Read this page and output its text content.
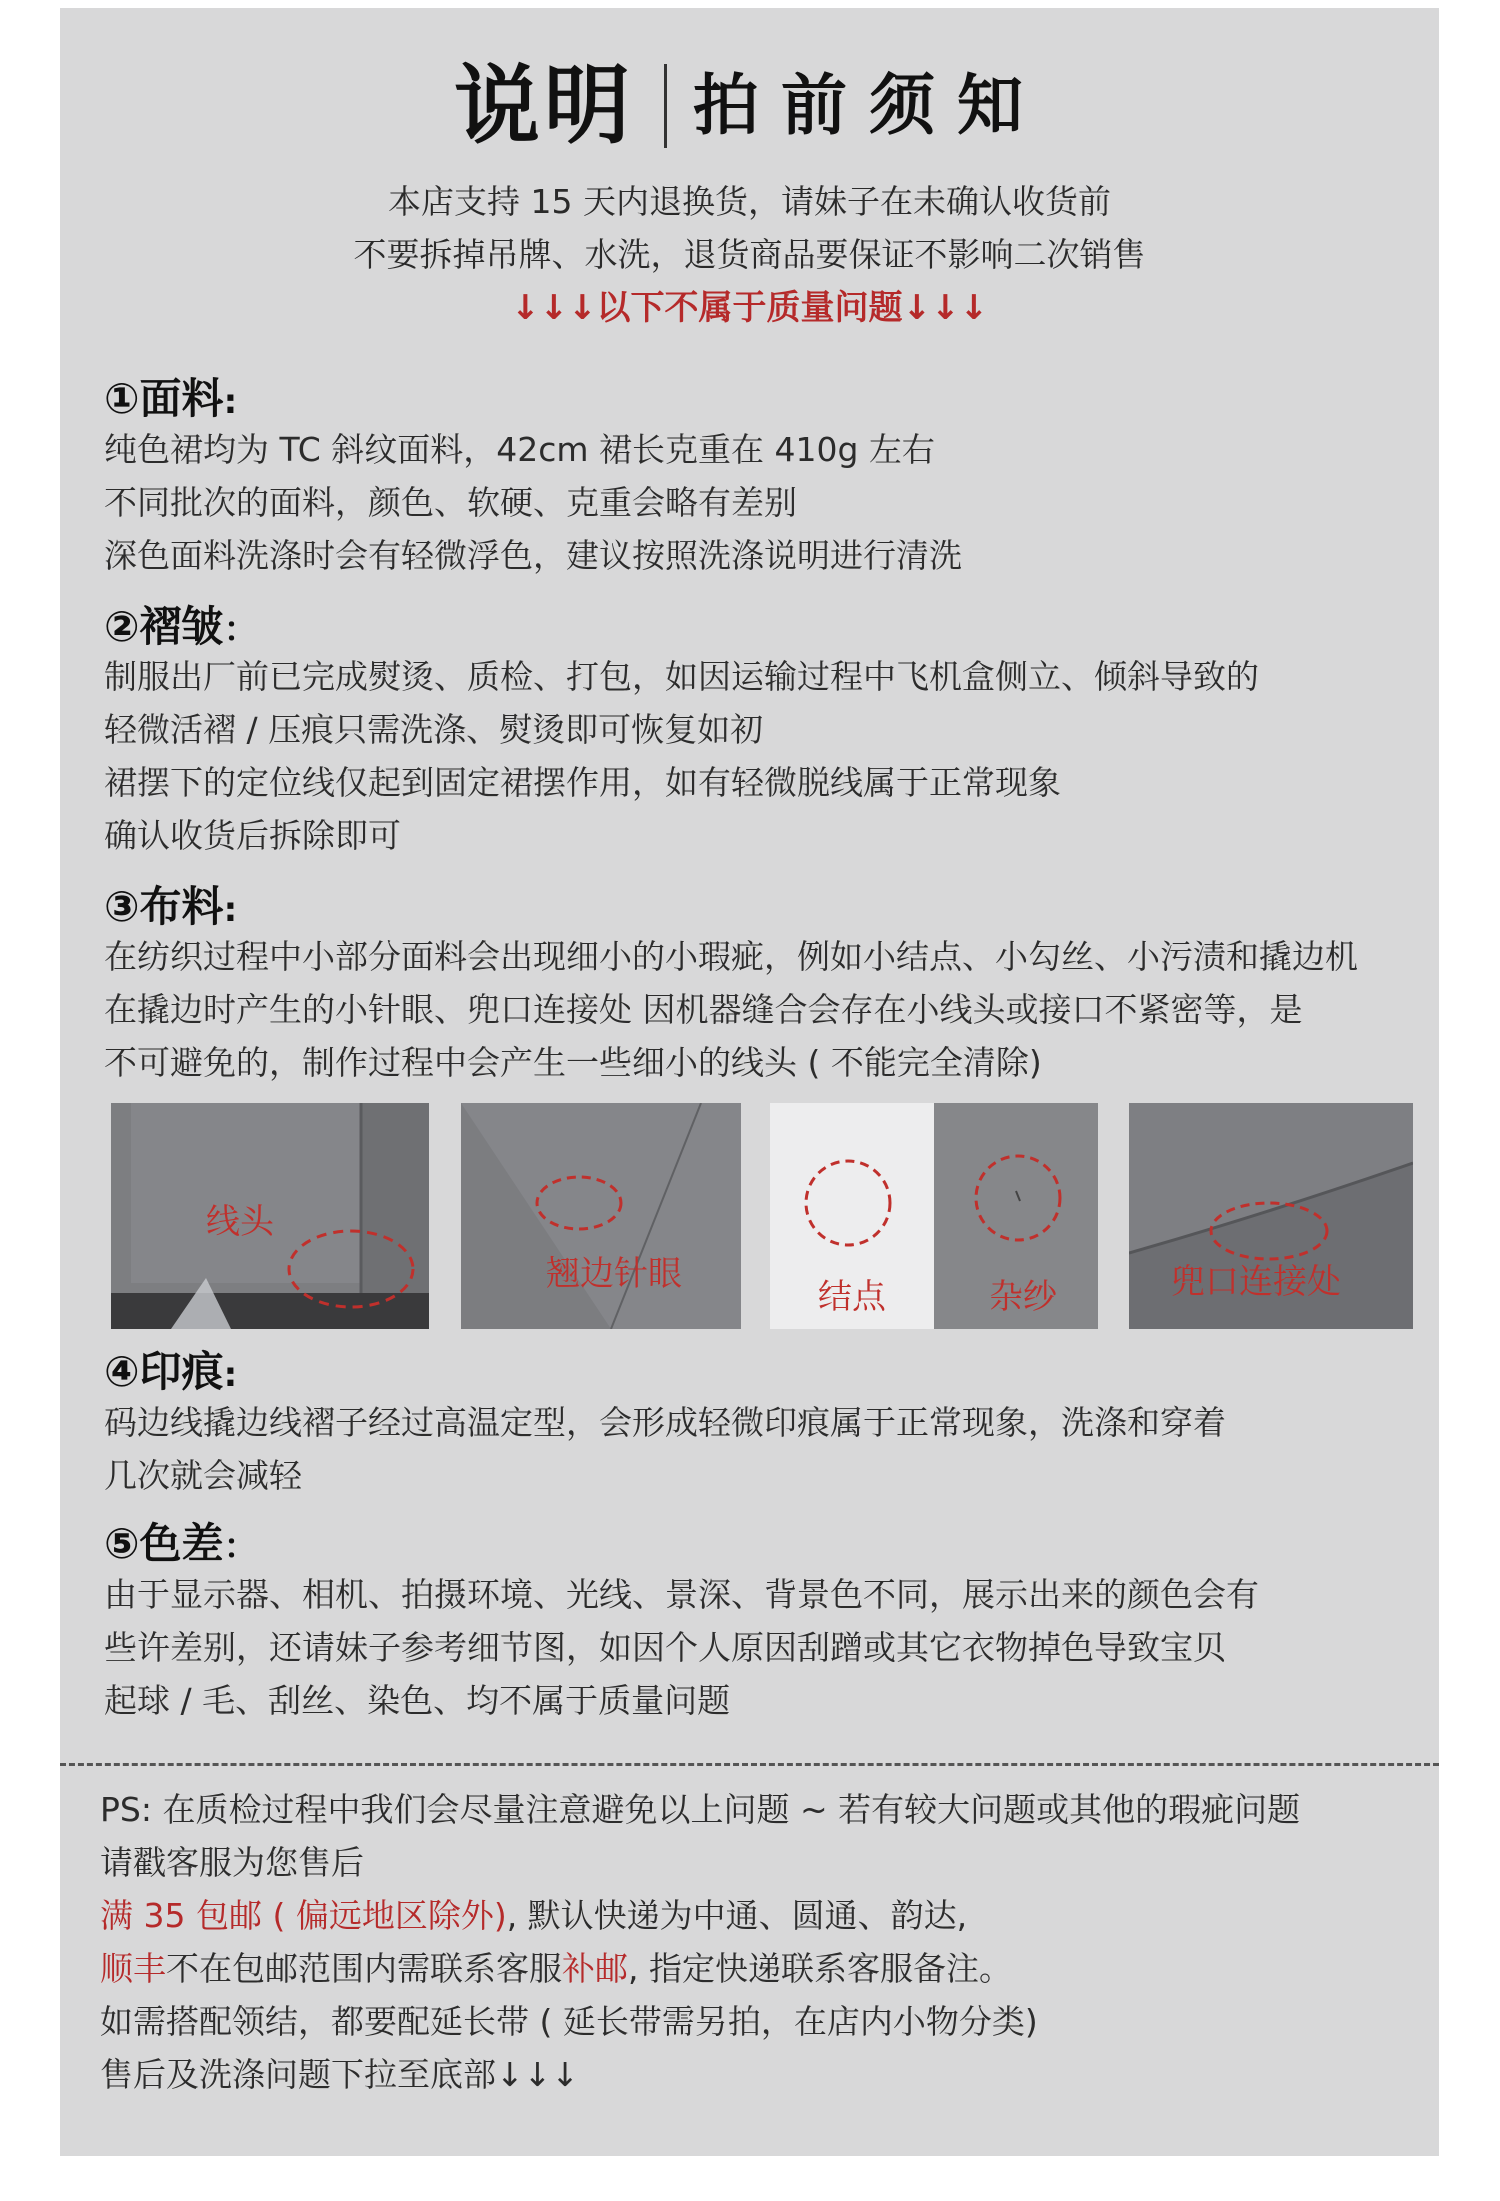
说明 拍前须知
本店支持 15 天内退换货，请妹子在未确认收货前
不要拆掉吊牌、水洗，退货商品要保证不影响二次销售
↓↓↓以下不属于质量问题↓↓↓
①面料:
纯色裙均为 TC 斜纹面料，42cm 裙长克重在 410g 左右
不同批次的面料，颜色、软硬、克重会略有差别
深色面料洗涤时会有轻微浮色，建议按照洗涤说明进行清洗
②褶皱：
制服出厂前已完成熨烫、质检、打包，如因运输过程中飞机盒侧立、倾斜导致的
轻微活褶 / 压痕只需洗涤、熨烫即可恢复如初
裙摆下的定位线仅起到固定裙摆作用，如有轻微脱线属于正常现象
确认收货后拆除即可
③布料:
在纺织过程中小部分面料会出现细小的小瑕疵，例如小结点、小勾丝、小污渍和撬边机
在撬边时产生的小针眼、兜口连接处 因机器缝合会存在小线头或接口不紧密等，是
不可避免的，制作过程中会产生一些细小的线头 ( 不能完全清除)
线头
翘边针眼
结点	杂纱	兜口连接处
④印痕:
码边线撬边线褶子经过高温定型，会形成轻微印痕属于正常现象，洗涤和穿着
几次就会减轻
⑤色差：
由于显示器、相机、拍摄环境、光线、景深、背景色不同，展示出来的颜色会有
些许差别，还请妹子参考细节图，如因个人原因刮蹭或其它衣物掉色导致宝贝
起球 / 毛、刮丝、染色、均不属于质量问题
PS: 在质检过程中我们会尽量注意避免以上问题 ~ 若有较大问题或其他的瑕疵问题
请戳客服为您售后
满 35 包邮 ( 偏远地区除外), 默认快递为中通、圆通、韵达,
顺丰不在包邮范围内需联系客服补邮, 指定快递联系客服备注。
如需搭配领结，都要配延长带 ( 延长带需另拍，在店内小物分类)
售后及洗涤问题下拉至底部↓↓↓
